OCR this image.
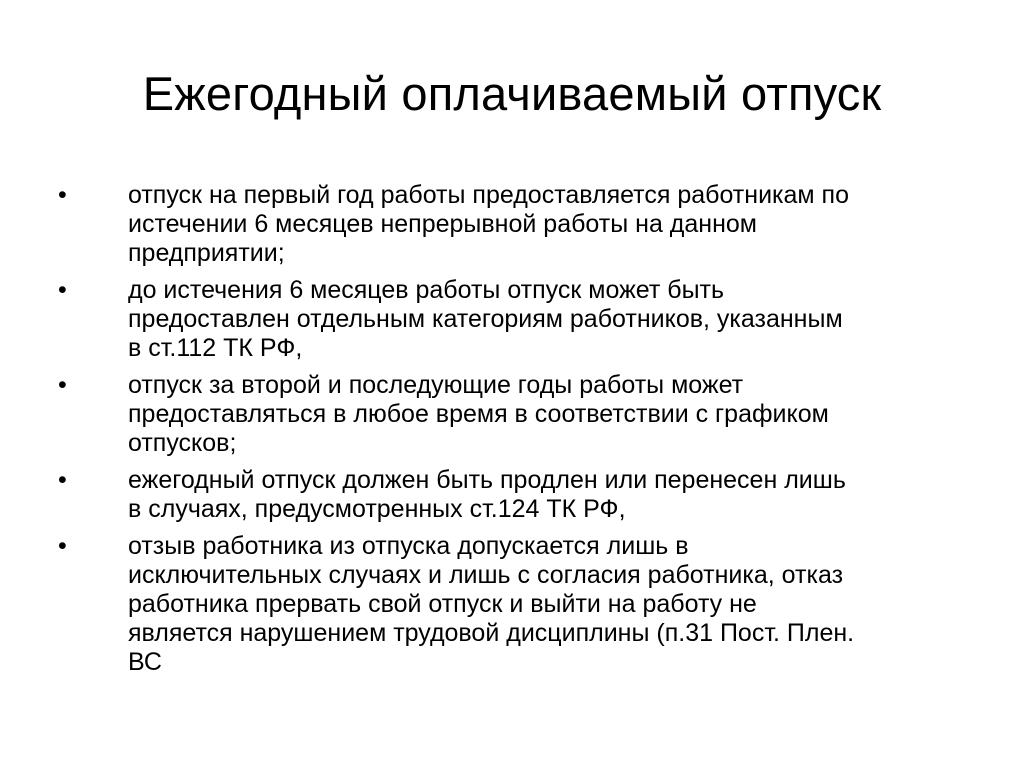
Ежегодный оплачиваемый отпуск
• отпуск на первый год работы предоставляется работникам по
истечении 6 месяцев непрерывной работы на данном
предприятии;
• до истечения 6 месяцев работы отпуск может быть
предоставлен отдельным категориям работников, указанным
в ст.112 ТК РФ,
• отпуск за второй и последующие годы работы может
предоставляться в любое время в соответствии с графиком
отпусков;
• ежегодный отпуск должен быть продлен или перенесен лишь
в случаях, предусмотренных ст.124 ТК РФ,
• отзыв работника из отпуска допускается лишь в
исключительных случаях и лишь с согласия работника, отказ
работника прервать свой отпуск и выйти на работу не
является нарушением трудовой дисциплины (п.31 Пост. Плен.
ВС
